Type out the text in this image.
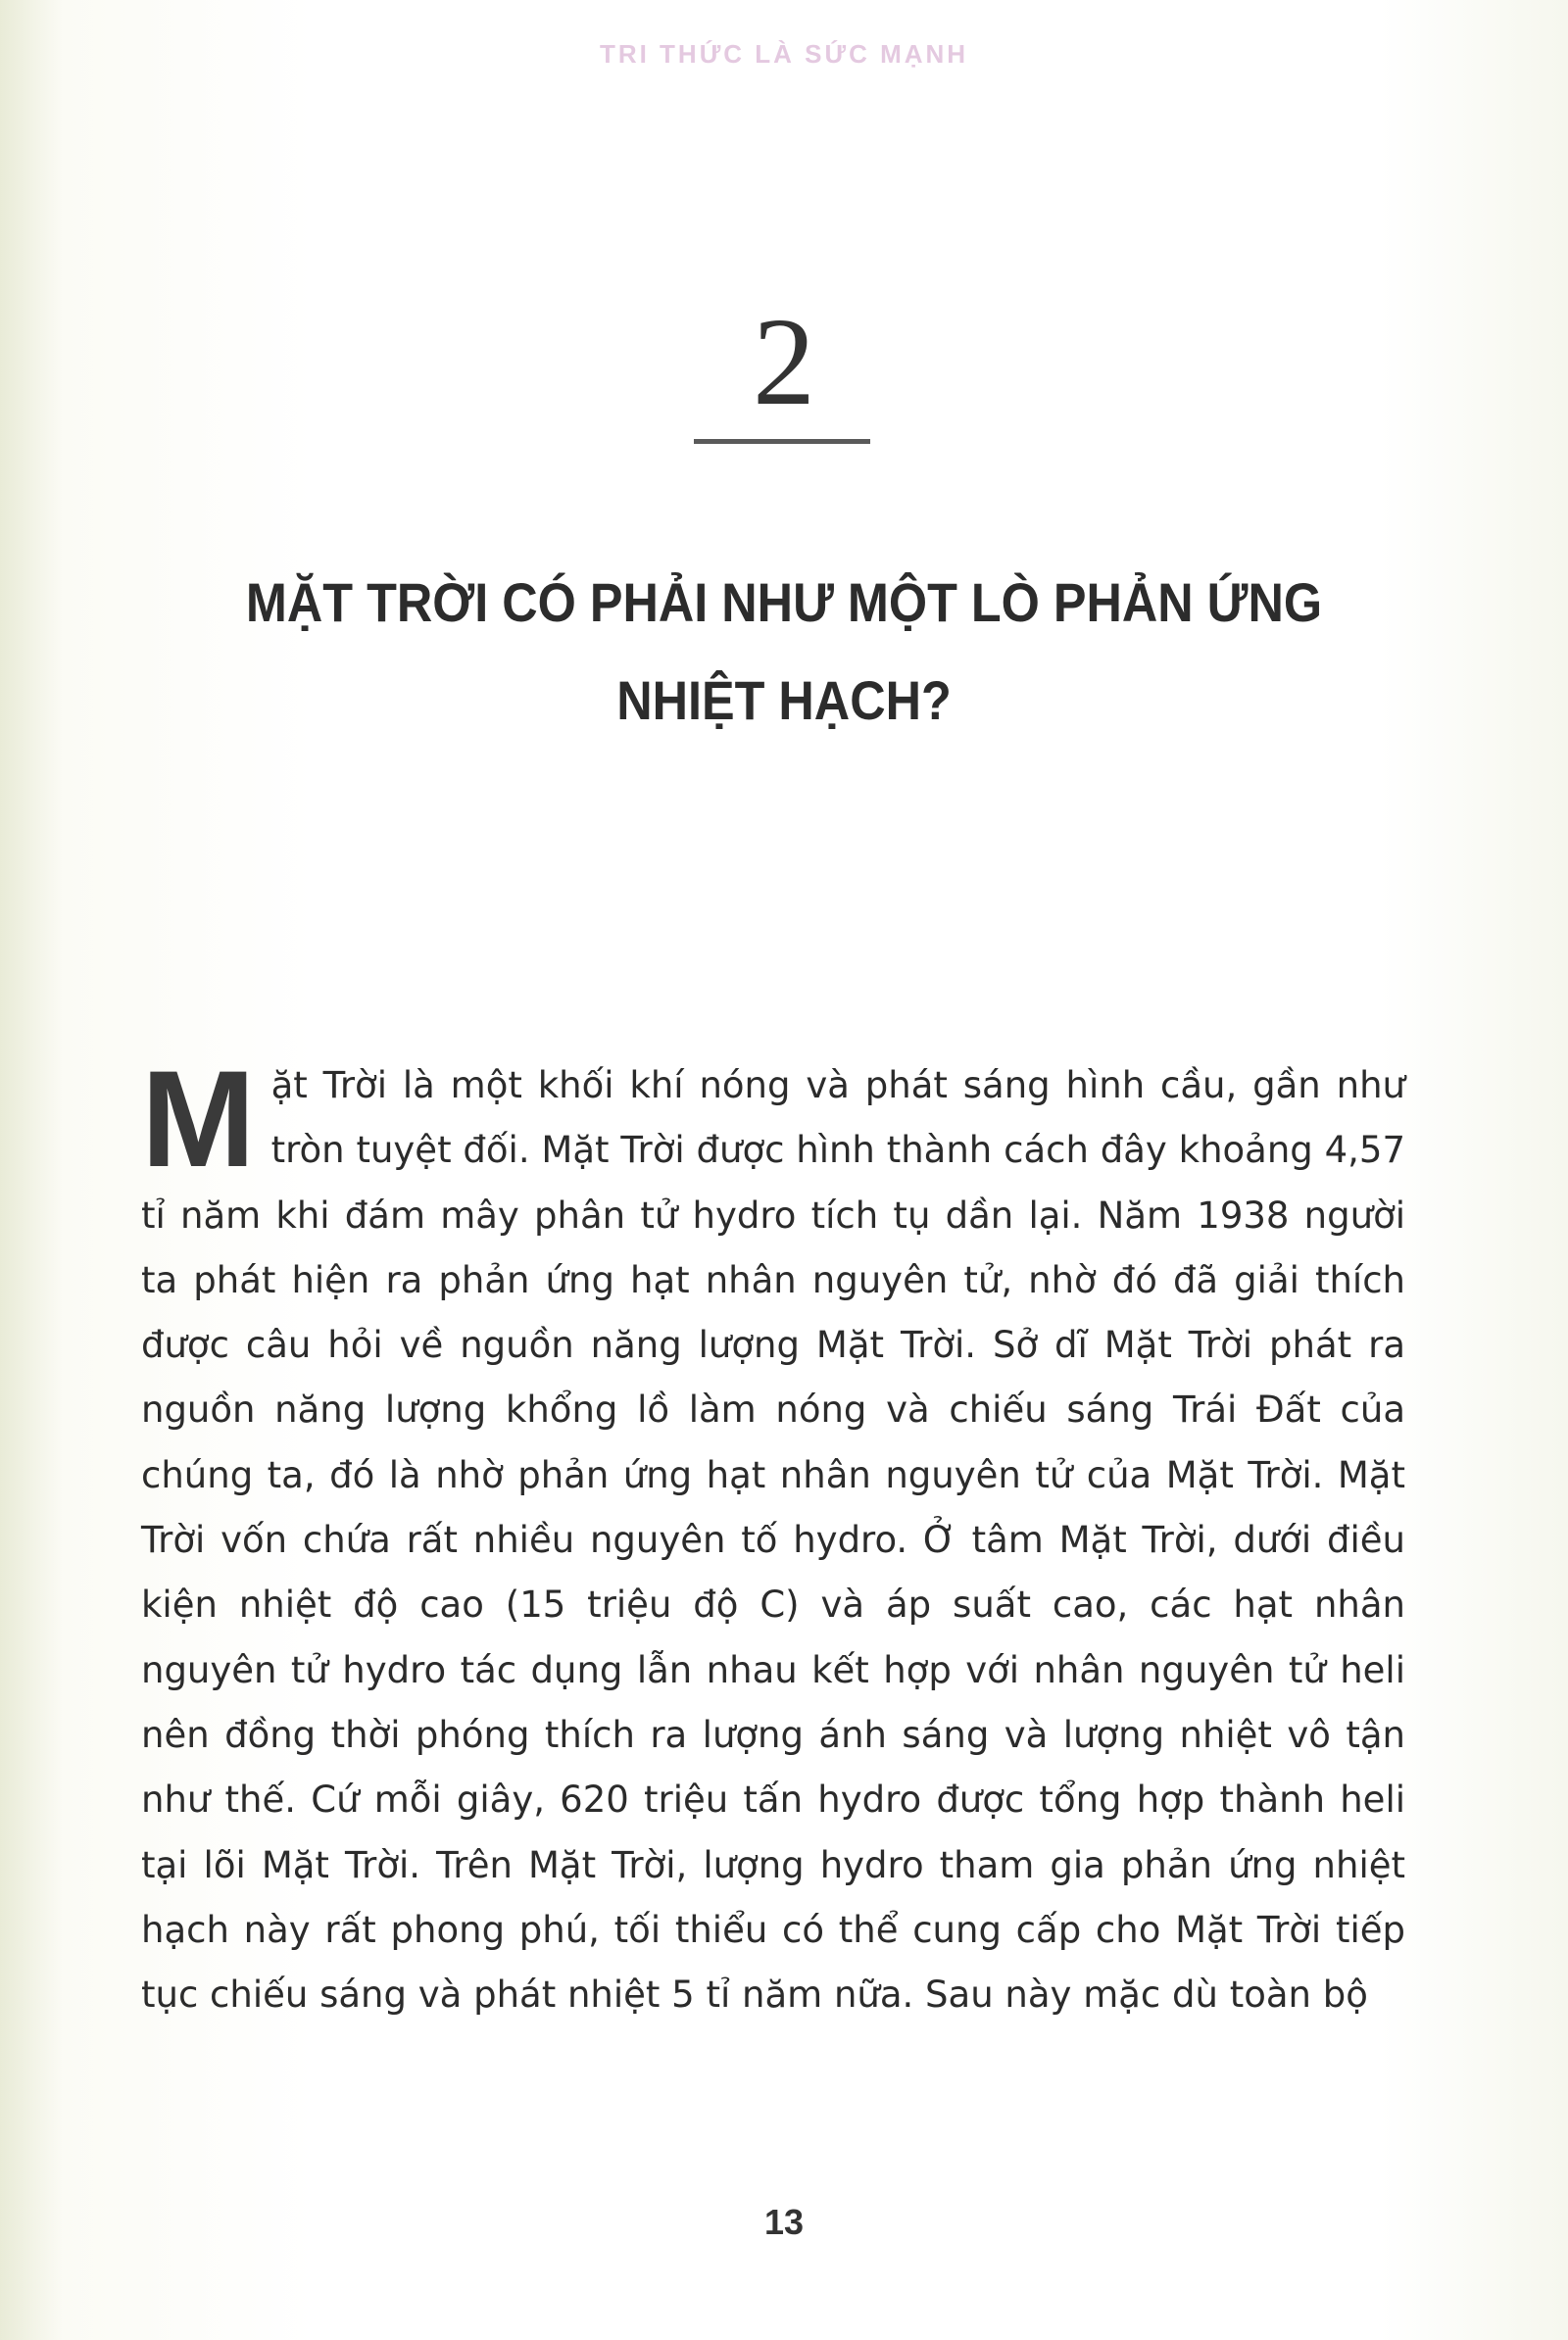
TRI THỨC LÀ SỨC MẠNH
2
MẶT TRỜI CÓ PHẢI NHƯ MỘT LÒ PHẢN ỨNG NHIỆT HẠCH?
Mặt Trời là một khối khí nóng và phát sáng hình cầu, gần như tròn tuyệt đối. Mặt Trời được hình thành cách đây khoảng 4,57 tỉ năm khi đám mây phân tử hydro tích tụ dần lại. Năm 1938 người ta phát hiện ra phản ứng hạt nhân nguyên tử, nhờ đó đã giải thích được câu hỏi về nguồn năng lượng Mặt Trời. Sở dĩ Mặt Trời phát ra nguồn năng lượng khổng lồ làm nóng và chiếu sáng Trái Đất của chúng ta, đó là nhờ phản ứng hạt nhân nguyên tử của Mặt Trời. Mặt Trời vốn chứa rất nhiều nguyên tố hydro. Ở tâm Mặt Trời, dưới điều kiện nhiệt độ cao (15 triệu độ C) và áp suất cao, các hạt nhân nguyên tử hydro tác dụng lẫn nhau kết hợp với nhân nguyên tử heli nên đồng thời phóng thích ra lượng ánh sáng và lượng nhiệt vô tận như thế. Cứ mỗi giây, 620 triệu tấn hydro được tổng hợp thành heli tại lõi Mặt Trời. Trên Mặt Trời, lượng hydro tham gia phản ứng nhiệt hạch này rất phong phú, tối thiểu có thể cung cấp cho Mặt Trời tiếp tục chiếu sáng và phát nhiệt 5 tỉ năm nữa. Sau này mặc dù toàn bộ
13
